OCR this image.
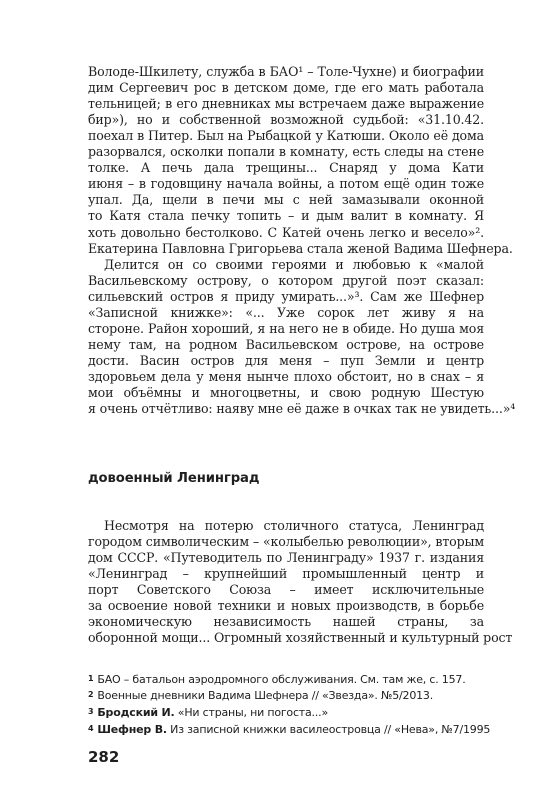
Володе-Шкилету, служба в БАО¹ – Толе-Чухне) и биографии
дим Сергеевич рос в детском доме, где его мать работала
тельницей; в его дневниках мы встречаем даже выражение
бир»), но и собственной возможной судьбой: «31.10.42.
поехал в Питер. Был на Рыбацкой у Катюши. Около её дома
разорвался, осколки попали в комнату, есть следы на стене
толке. А печь дала трещины... Снаряд у дома Кати
июня – в годовщину начала войны, а потом ещё один тоже
упал. Да, щели в печи мы с ней замазывали оконной
то Катя стала печку топить – и дым валит в комнату. Я
хоть довольно бестолково. С Катей очень легко и весело»².
Екатерина Павловна Григорьева стала женой Вадима Шефнера.
Делится он со своими героями и любовью к «малой
Васильевскому острову, о котором другой поэт сказал:
сильевский остров я приду умирать...»³. Сам же Шефнер
«Записной книжке»: «... Уже сорок лет живу я на
стороне. Район хороший, я на него не в обиде. Но душа моя
нему там, на родном Васильевском острове, на острове
дости. Васин остров для меня – пуп Земли и центр
здоровьем дела у меня нынче плохо обстоит, но в снах – я
мои объёмны и многоцветны, и свою родную Шестую
я очень отчётливо: наяву мне её даже в очках так не увидеть...»⁴
довоенный Ленинград
Несмотря на потерю столичного статуса, Ленинград
городом символическим – «колыбелью революции», вторым
дом СССР. «Путеводитель по Ленинграду» 1937 г. издания
«Ленинград – крупнейший промышленный центр и
порт Советского Союза – имеет исключительные
за освоение новой техники и новых производств, в борьбе
экономическую независимость нашей страны, за
оборонной мощи... Огромный хозяйственный и культурный рост
1 БАО – батальон аэродромного обслуживания. См. там же, с. 157.
2 Военные дневники Вадима Шефнера // «Звезда». №5/2013.
3 Бродский И. «Ни страны, ни погоста...»
4 Шефнер В. Из записной книжки василеостровца // «Нева», №7/1995
282
